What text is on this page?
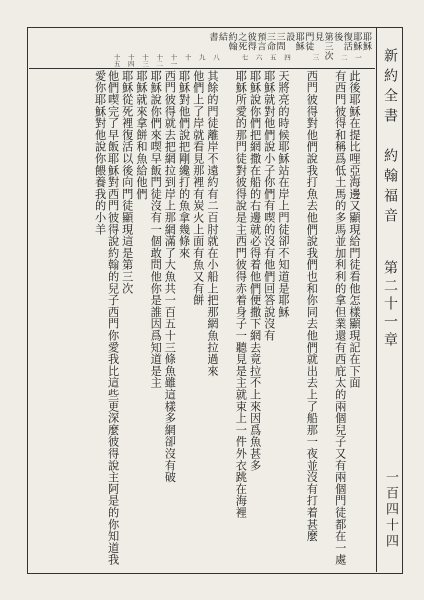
新約全書　約翰福音
第二十一章
一百四十四
耶穌
耶穌
復活
後
第三次
見
門徒
耶穌
設
三問
三命
預言
彼得
之死
約翰
結
書
此後耶穌在提比哩亞海邊又顯現給門徒看他怎樣顯現記在下面
一
有西門彼得和稱爲低土馬的多馬並加利利的拿但業還有西庇太的兩個兒子又有兩個門徒都在一處
二
西門彼得對他們說我打魚去他們說我們也和你同去他們就出去上了船那一夜並沒有打着甚麼
三
天將亮的時候耶穌站在岸上門徒卻不知道是耶穌
四
耶穌就對他們說小子你們有喫的沒有他們回答說沒有
五
耶穌說你們把網撒在船的右邊就必得着他們便撒下網去竟拉不上來因爲魚甚多
六
耶穌所愛的那門徒對彼得說是主西門彼得赤着身子一聽見是主就束上一件外衣跳在海裡
七
其餘的門徒離岸不遠約有二百肘就在小船上把那網魚拉過來
八
他們上了岸就看見那裡有炭火上面有魚又有餅
九
耶穌對他們說把剛纔打的魚拿幾條來
十
西門彼得就去把網拉到岸上那網滿了大魚共一百五十三條魚雖這樣多網卻沒有破
十一
耶穌說你們來喫早飯門徒沒有一個敢問他你是誰因爲知道是主
十二
耶穌就來拿餅和魚給他們
十三
耶穌從死裡復活以後向門徒顯現這是第三次
十四
他們喫完了早飯耶穌對西門彼得說約翰的兒子西門你愛我比這些更深麼彼得說主阿是的你知道我愛你耶穌對他說你餵養我的小羊
十五
